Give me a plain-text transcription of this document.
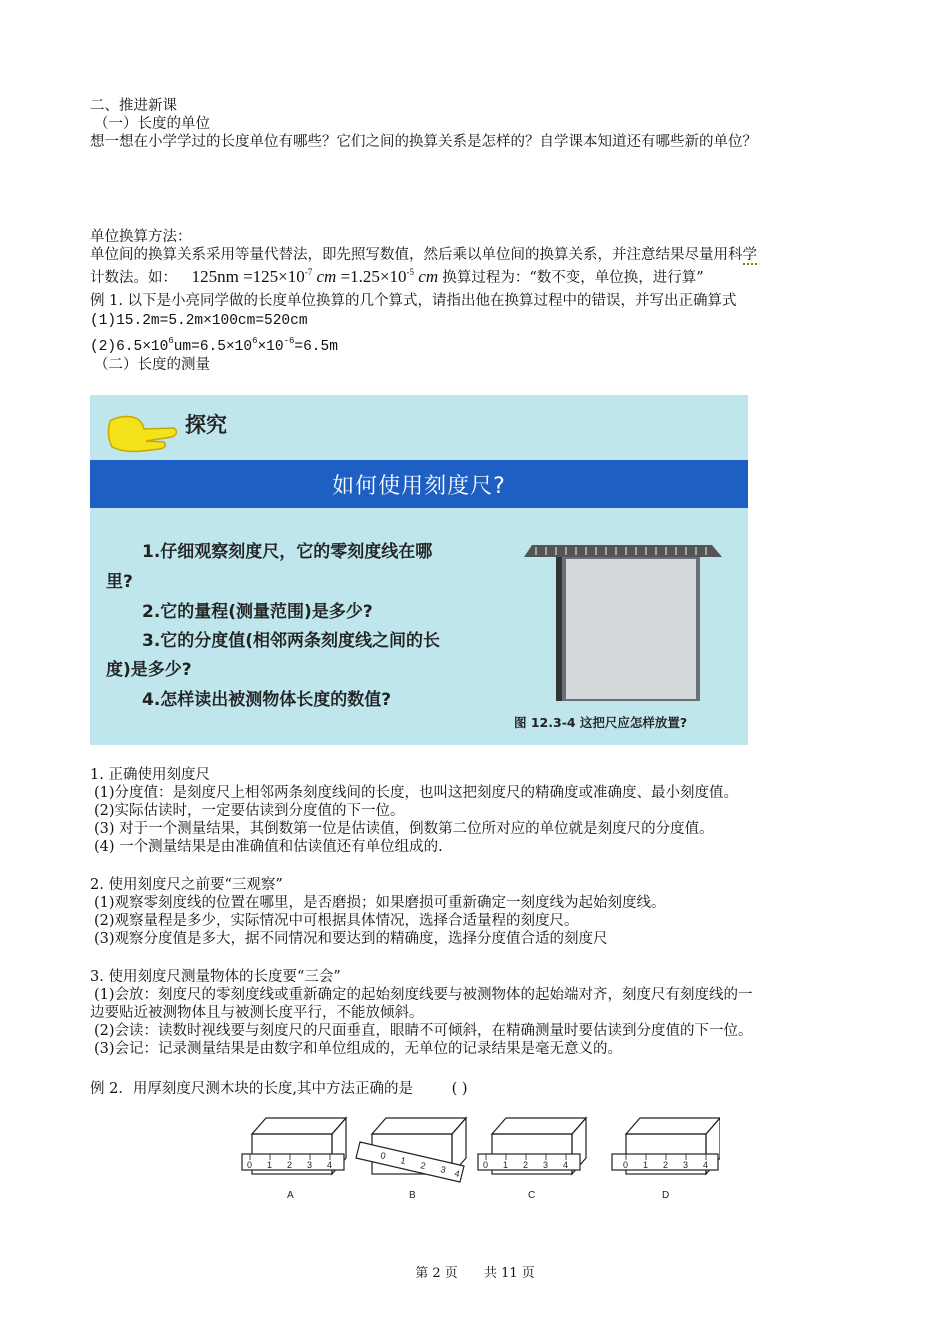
二、推进新课
（一）长度的单位
想一想在小学学过的长度单位有哪些？它们之间的换算关系是怎样的？自学课本知道还有哪些新的单位？
单位换算方法：
单位间的换算关系采用等量代替法，即先照写数值，然后乘以单位间的换算关系，并注意结果尽量用科学
计数法。如： $125nm =125\times 10^{-7}$ cm $=1.25\times 10^{-5}$ cm 换算过程为：“数不变，单位换，进行算”
例 1. 以下是小亮同学做的长度单位换算的几个算式，请指出他在换算过程中的错误，并写出正确算式
(1)15.2m=5.2m×100cm=520cm
$(2)6.5\times 10^6um=6.5\times 10^6\times 10^{-6}=6.5m$
（二）长度的测量
探究
如何使用刻度尺?
1.仔细观察刻度尺，它的零刻度线在哪
里?
2.它的量程(测量范围)是多少?
3.它的分度值(相邻两条刻度线之间的长
度)是多少?
4.怎样读出被测物体长度的数值?
图 12.3-4 这把尺应怎样放置?
1. 正确使用刻度尺
(1)分度值：是刻度尺上相邻两条刻度线间的长度，也叫这把刻度尺的精确度或准确度、最小刻度值。
(2)实际估读时，一定要估读到分度值的下一位。
(3) 对于一个测量结果，其倒数第一位是估读值，倒数第二位所对应的单位就是刻度尺的分度值。
(4) 一个测量结果是由准确值和估读值还有单位组成的.
2. 使用刻度尺之前要“三观察”
(1)观察零刻度线的位置在哪里，是否磨损；如果磨损可重新确定一刻度线为起始刻度线。
(2)观察量程是多少，实际情况中可根据具体情况，选择合适量程的刻度尺。
(3)观察分度值是多大，据不同情况和要达到的精确度，选择分度值合适的刻度尺
3. 使用刻度尺测量物体的长度要“三会”
(1)会放：刻度尺的零刻度线或重新确定的起始刻度线要与被测物体的起始端对齐，刻度尺有刻度线的一
边要贴近被测物体且与被测长度平行，不能放倾斜。
(2)会读：读数时视线要与刻度尺的尺面垂直，眼睛不可倾斜，在精确测量时要估读到分度值的下一位。
(3)会记：记录测量结果是由数字和单位组成的，无单位的记录结果是毫无意义的。
例 2．用厚刻度尺测木块的长度,其中方法正确的是	( )
0 1 2 3 4
0 1 2 3 4
0 1 2 3 4	0 1 2 3 4
A	B	C	D
第 2 页 共 11 页
